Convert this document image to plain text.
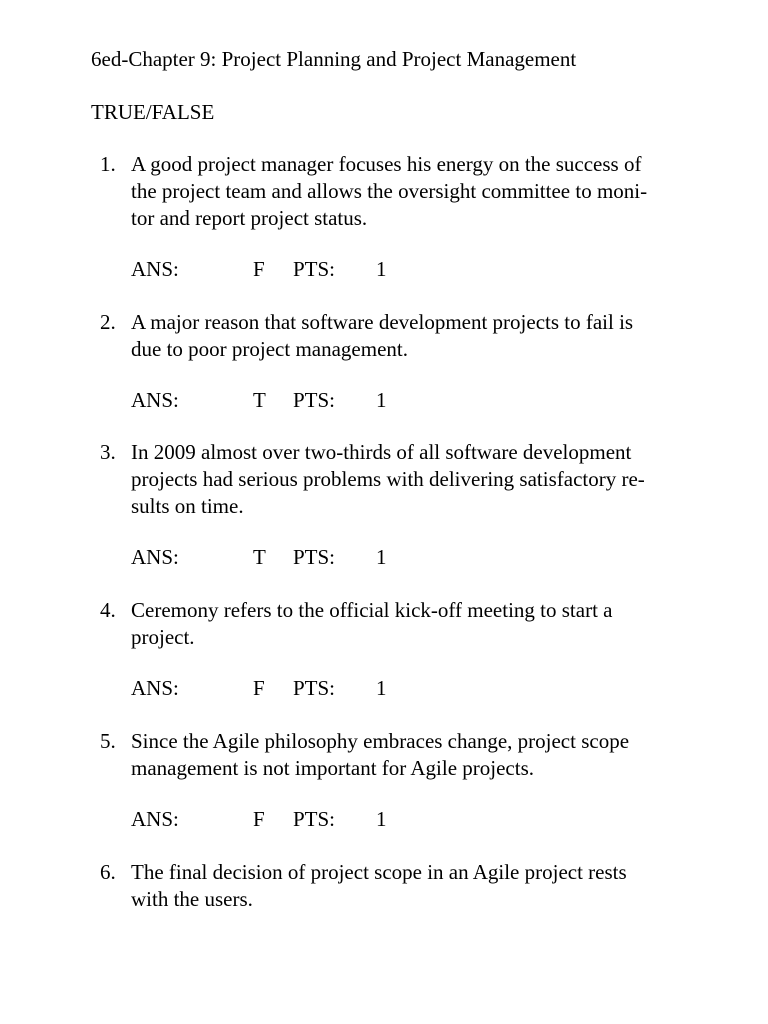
6ed-Chapter 9: Project Planning and Project Management
TRUE/FALSE
1. A good project manager focuses his energy on the success of
the project team and allows the oversight committee to moni-
tor and report project status.
ANS:	F PTS: 1
2. A major reason that software development projects to fail is
due to poor project management.
ANS:	T PTS: 1
3. In 2009 almost over two-thirds of all software development
projects had serious problems with delivering satisfactory re-
sults on time.
ANS:	T PTS: 1
4. Ceremony refers to the official kick-off meeting to start a
project.
ANS:	F PTS: 1
5. Since the Agile philosophy embraces change, project scope
management is not important for Agile projects.
ANS:	F PTS: 1
6. The final decision of project scope in an Agile project rests
with the users.
